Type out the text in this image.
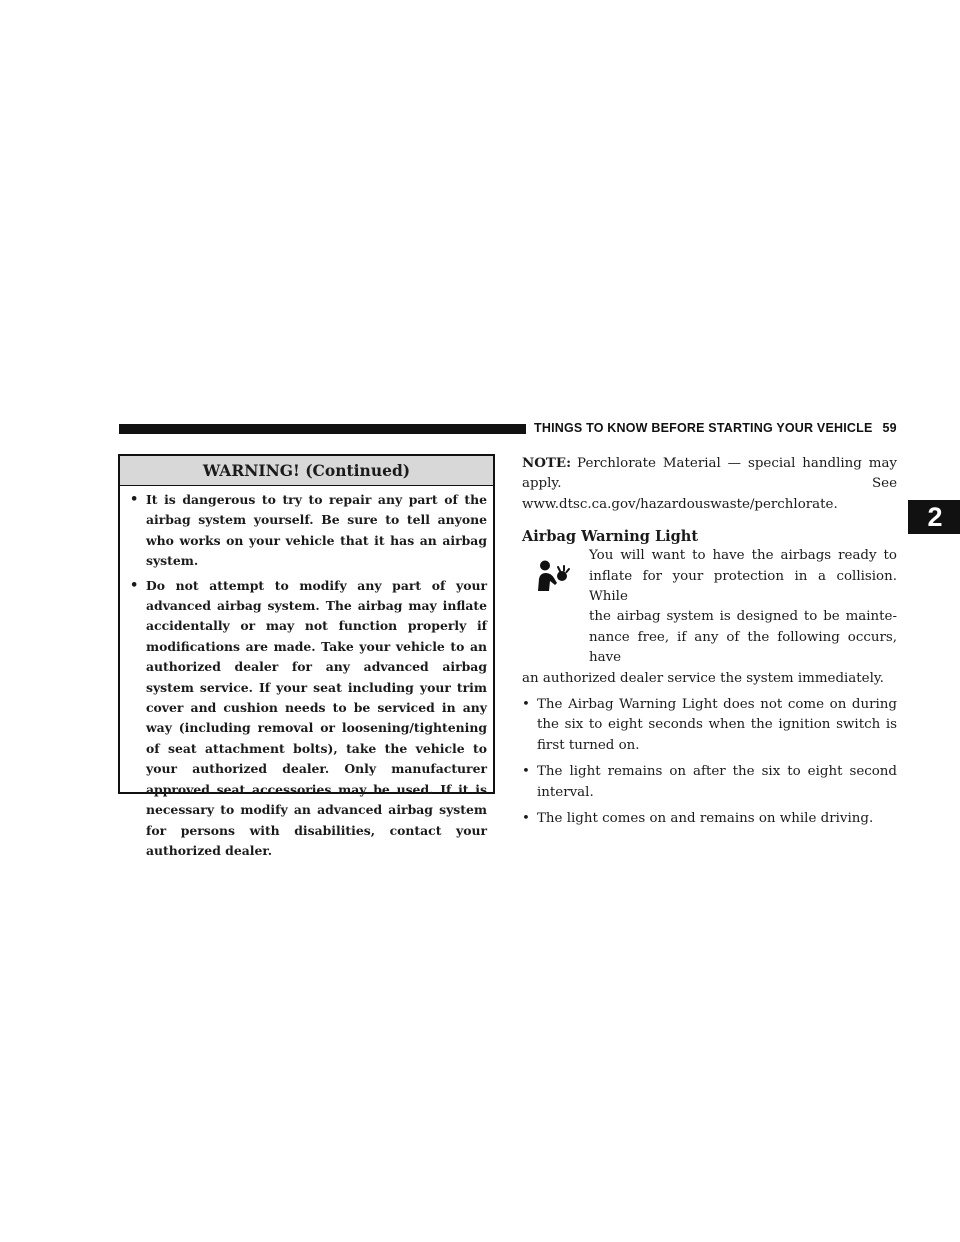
THINGS TO KNOW BEFORE STARTING YOUR VEHICLE 59
2
WARNING! (Continued)
• It is dangerous to try to repair any part of the airbag system yourself. Be sure to tell anyone who works on your vehicle that it has an airbag system.
• Do not attempt to modify any part of your advanced airbag system. The airbag may inflate accidentally or may not function properly if modifications are made. Take your vehicle to an authorized dealer for any advanced airbag system service. If your seat including your trim cover and cushion needs to be serviced in any way (including removal or loosening/tightening of seat attachment bolts), take the vehicle to your authorized dealer. Only manufacturer approved seat accessories may be used. If it is necessary to modify an advanced airbag system for persons with disabilities, contact your authorized dealer.

NOTE: Perchlorate Material — special handling may apply. See www.dtsc.ca.gov/hazardouswaste/perchlorate.

Airbag Warning Light
You will want to have the airbags ready to
inflate for your protection in a collision. While
the airbag system is designed to be mainte-
nance free, if any of the following occurs, have
an authorized dealer service the system immediately.
• The Airbag Warning Light does not come on during the six to eight seconds when the ignition switch is first turned on.
• The light remains on after the six to eight second interval.
• The light comes on and remains on while driving.
